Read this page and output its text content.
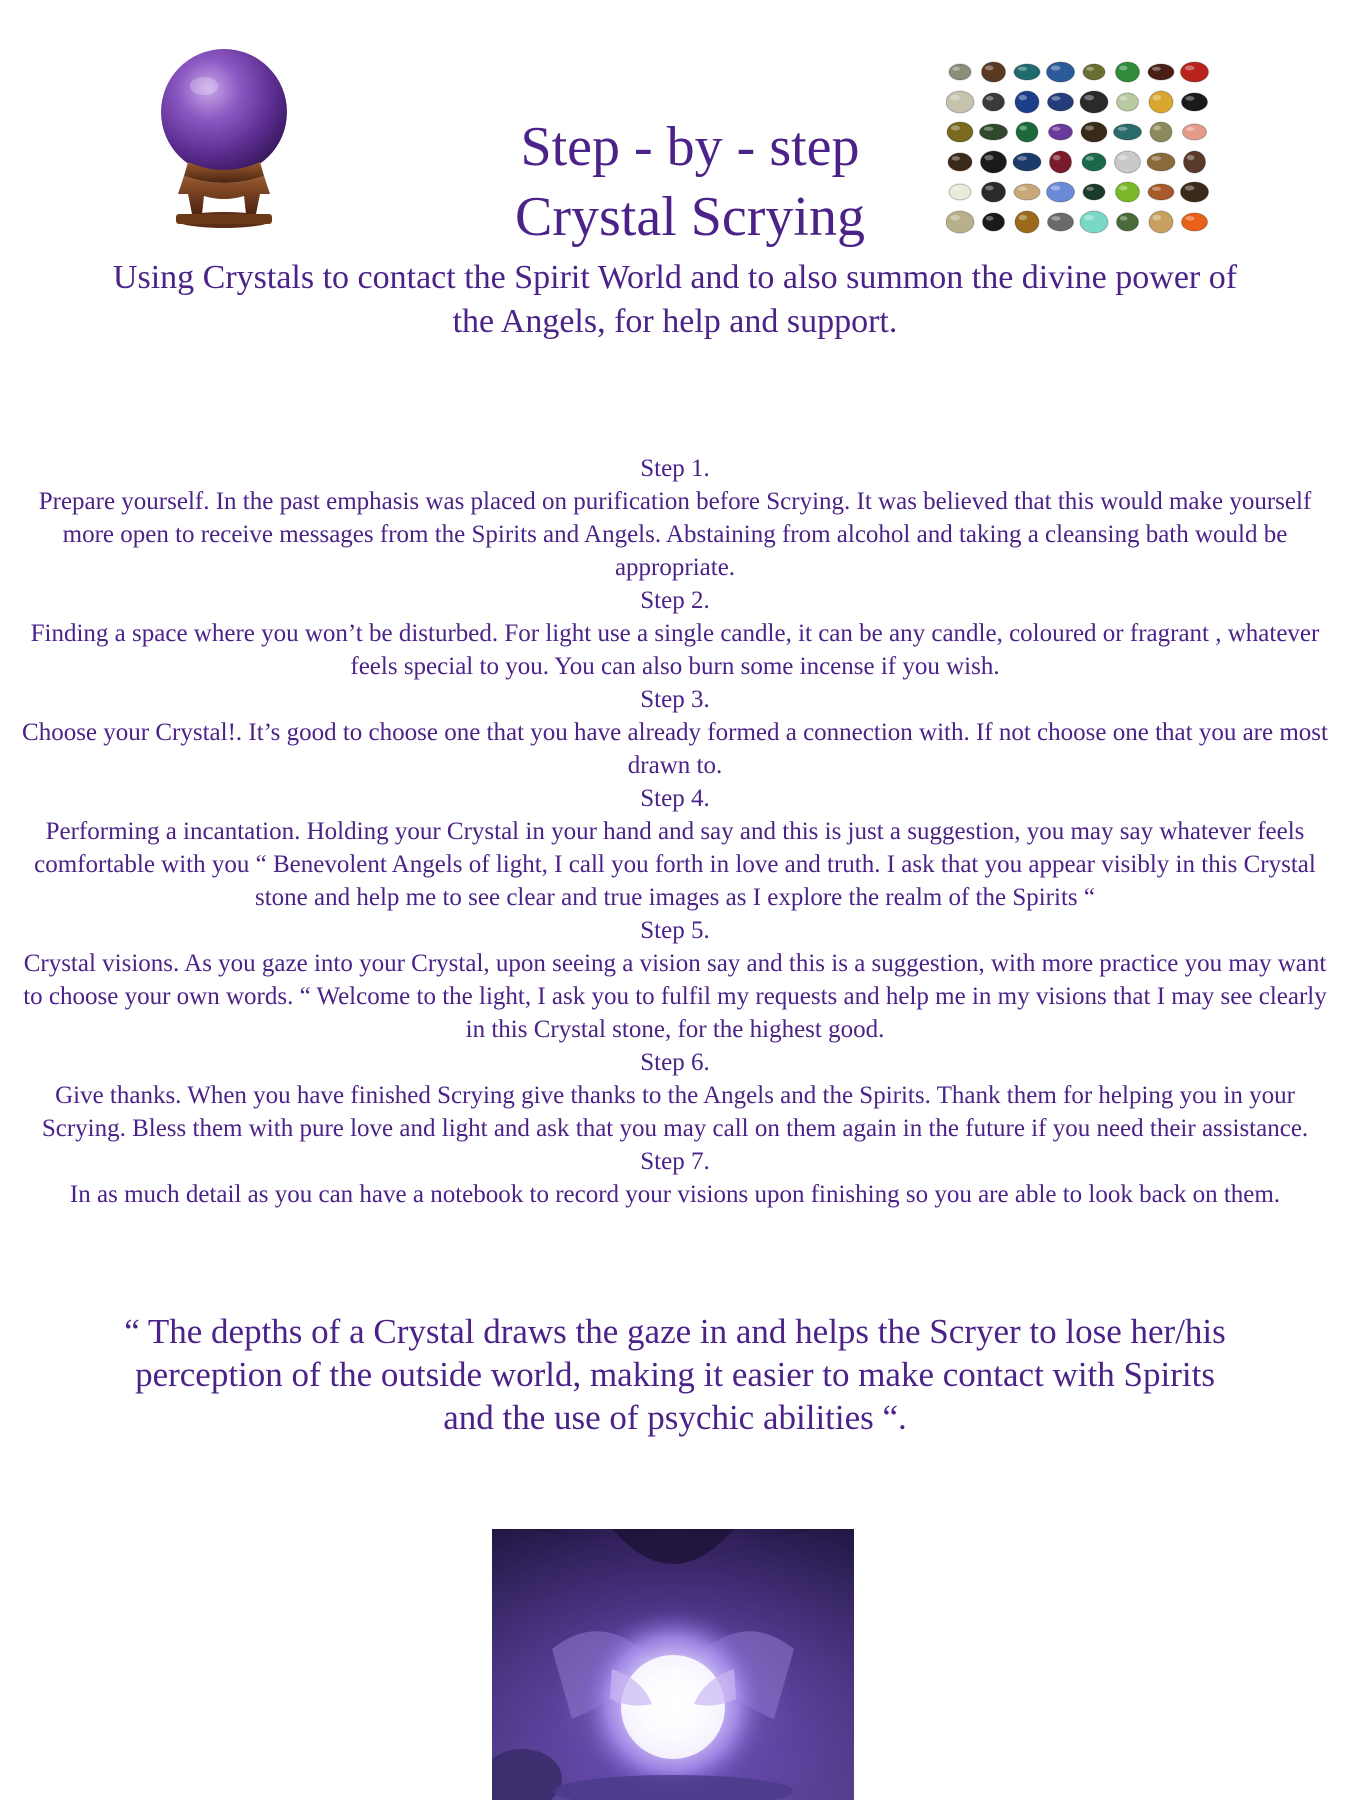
Step - by - step
Crystal Scrying

Using Crystals to contact the Spirit World and to also summon the divine power of the Angels, for help and support.

Step 1.
Prepare yourself. In the past emphasis was placed on purification before Scrying. It was believed that this would make yourself more open to receive messages from the Spirits and Angels. Abstaining from alcohol and taking a cleansing bath would be appropriate.
Step 2.
Finding a space where you won’t be disturbed. For light use a single candle, it can be any candle, coloured or fragrant , whatever feels special to you. You can also burn some incense if you wish.
Step 3.
Choose your Crystal!. It’s good to choose one that you have already formed a connection with. If not choose one that you are most drawn to.
Step 4.
Performing a incantation. Holding your Crystal in your hand and say and this is just a suggestion, you may say whatever feels comfortable with you “ Benevolent Angels of light, I call you forth in love and truth. I ask that you appear visibly in this Crystal stone and help me to see clear and true images as I explore the realm of the Spirits “
Step 5.
Crystal visions. As you gaze into your Crystal, upon seeing a vision say and this is a suggestion, with more practice you may want to choose your own words. “ Welcome to the light, I ask you to fulfil my requests and help me in my visions that I may see clearly in this Crystal stone, for the highest good.
Step 6.
Give thanks. When you have finished Scrying give thanks to the Angels and the Spirits. Thank them for helping you in your Scrying. Bless them with pure love and light and ask that you may call on them again in the future if you need their assistance.
Step 7.
In as much detail as you can have a notebook to record your visions upon finishing so you are able to look back on them.

“ The depths of a Crystal draws the gaze in and helps the Scryer to lose her/his perception of the outside world, making it easier to make contact with Spirits and the use of psychic abilities “.
